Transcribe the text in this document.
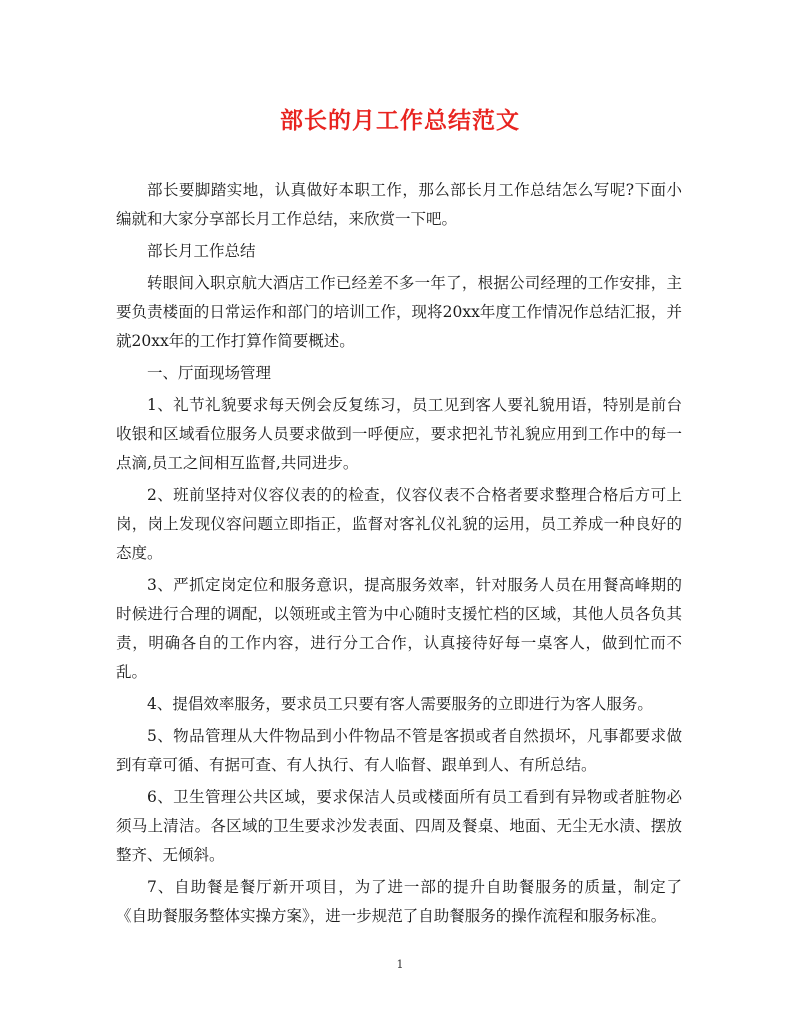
部长的月工作总结范文

部长要脚踏实地，认真做好本职工作，那么部长月工作总结怎么写呢?下面小编就和大家分享部长月工作总结，来欣赏一下吧。

部长月工作总结

转眼间入职京航大酒店工作已经差不多一年了，根据公司经理的工作安排，主要负责楼面的日常运作和部门的培训工作，现将20xx年度工作情况作总结汇报，并就20xx年的工作打算作简要概述。

一、厅面现场管理

1、礼节礼貌要求每天例会反复练习，员工见到客人要礼貌用语，特别是前台收银和区域看位服务人员要求做到一呼便应，要求把礼节礼貌应用到工作中的每一点滴,员工之间相互监督,共同进步。

2、班前坚持对仪容仪表的的检查，仪容仪表不合格者要求整理合格后方可上岗，岗上发现仪容问题立即指正，监督对客礼仪礼貌的运用，员工养成一种良好的态度。

3、严抓定岗定位和服务意识，提高服务效率，针对服务人员在用餐高峰期的时候进行合理的调配，以领班或主管为中心随时支援忙档的区域，其他人员各负其责，明确各自的工作内容，进行分工合作，认真接待好每一桌客人，做到忙而不乱。

4、提倡效率服务，要求员工只要有客人需要服务的立即进行为客人服务。

5、物品管理从大件物品到小件物品不管是客损或者自然损坏，凡事都要求做到有章可循、有据可查、有人执行、有人临督、跟单到人、有所总结。

6、卫生管理公共区域，要求保洁人员或楼面所有员工看到有异物或者脏物必须马上清洁。各区域的卫生要求沙发表面、四周及餐桌、地面、无尘无水渍、摆放整齐、无倾斜。

7、自助餐是餐厅新开项目，为了进一部的提升自助餐服务的质量，制定了《自助餐服务整体实操方案》，进一步规范了自助餐服务的操作流程和服务标准。

1
